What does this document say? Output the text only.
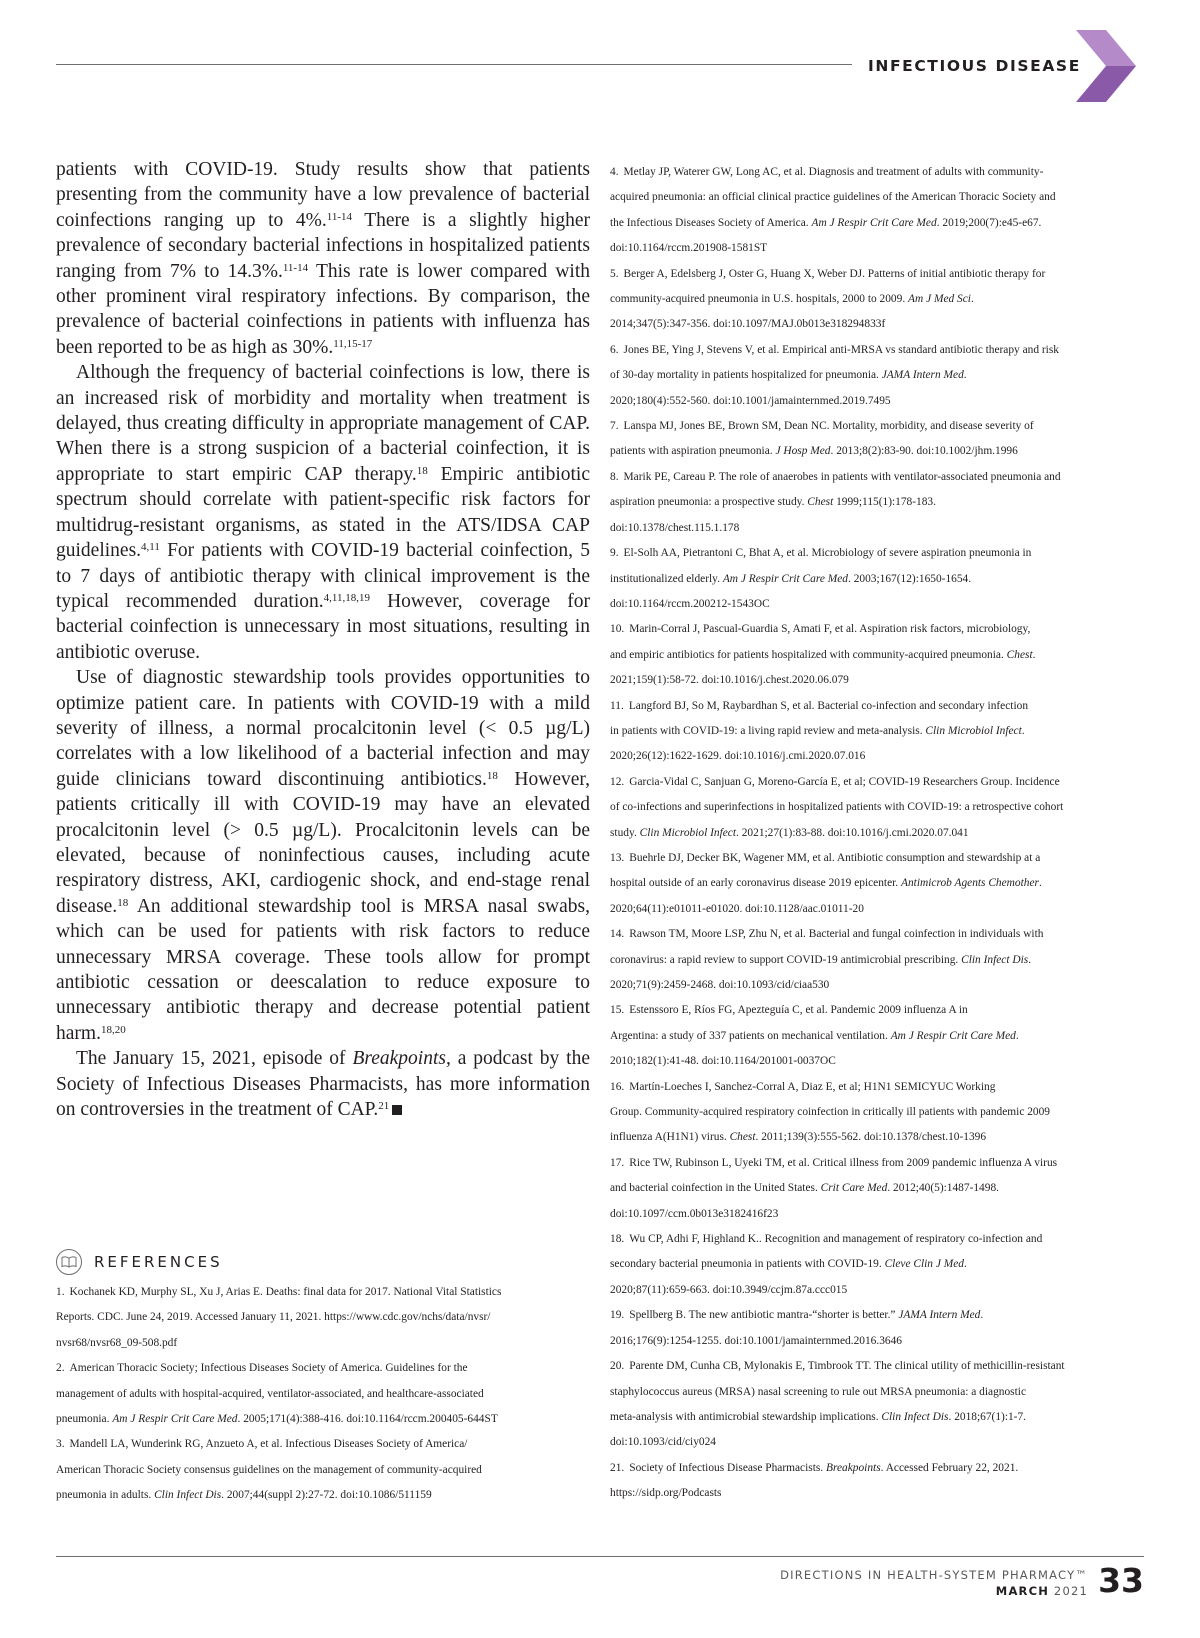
INFECTIOUS DISEASE

patients with COVID-19. Study results show that patients presenting from the community have a low prevalence of bacterial coinfections ranging up to 4%.$^{11-14}$ There is a slightly higher prevalence of secondary bacterial infections in hospitalized patients ranging from 7% to 14.3%.$^{11-14}$ This rate is lower compared with other prominent viral respiratory infections. By comparison, the prevalence of bacterial coinfections in patients with influenza has been reported to be as high as 30%.$^{11,15-17}$

Although the frequency of bacterial coinfections is low, there is an increased risk of morbidity and mortality when treatment is delayed, thus creating difficulty in appropriate management of CAP. When there is a strong suspicion of a bacterial coinfection, it is appropriate to start empiric CAP therapy.$^{18}$ Empiric antibiotic spectrum should correlate with patient-specific risk factors for multidrug-resistant organisms, as stated in the ATS/IDSA CAP guidelines.$^{4,11}$ For patients with COVID-19 bacterial coinfection, 5 to 7 days of antibiotic therapy with clinical improvement is the typical recommended duration.$^{4,11,18,19}$ However, coverage for bacterial coinfection is unnecessary in most situations, resulting in antibiotic overuse.

Use of diagnostic stewardship tools provides opportunities to optimize patient care. In patients with COVID-19 with a mild severity of illness, a normal procalcitonin level (< 0.5 µg/L) correlates with a low likelihood of a bacterial infection and may guide clinicians toward discontinuing antibiotics.$^{18}$ However, patients critically ill with COVID-19 may have an elevated procalcitonin level (> 0.5 µg/L). Procalcitonin levels can be elevated, because of noninfectious causes, including acute respiratory distress, AKI, cardiogenic shock, and end-stage renal disease.$^{18}$ An additional stewardship tool is MRSA nasal swabs, which can be used for patients with risk factors to reduce unnecessary MRSA coverage. These tools allow for prompt antibiotic cessation or deescalation to reduce exposure to unnecessary antibiotic therapy and decrease potential patient harm.$^{18,20}$

The January 15, 2021, episode of Breakpoints, a podcast by the Society of Infectious Diseases Pharmacists, has more information on controversies in the treatment of CAP.$^{21}$

REFERENCES

1. Kochanek KD, Murphy SL, Xu J, Arias E. Deaths: final data for 2017. National Vital Statistics

Reports. CDC. June 24, 2019. Accessed January 11, 2021. https://www.cdc.gov/nchs/data/nvsr/

nvsr68/nvsr68_09-508.pdf

2. American Thoracic Society; Infectious Diseases Society of America. Guidelines for the

management of adults with hospital-acquired, ventilator-associated, and healthcare-associated

pneumonia. Am J Respir Crit Care Med. 2005;171(4):388-416. doi:10.1164/rccm.200405-644ST

3. Mandell LA, Wunderink RG, Anzueto A, et al. Infectious Diseases Society of America/

American Thoracic Society consensus guidelines on the management of community-acquired

pneumonia in adults. Clin Infect Dis. 2007;44(suppl 2):27-72. doi:10.1086/511159

4. Metlay JP, Waterer GW, Long AC, et al. Diagnosis and treatment of adults with community-

acquired pneumonia: an official clinical practice guidelines of the American Thoracic Society and

the Infectious Diseases Society of America. Am J Respir Crit Care Med. 2019;200(7):e45-e67.

doi:10.1164/rccm.201908-1581ST

5. Berger A, Edelsberg J, Oster G, Huang X, Weber DJ. Patterns of initial antibiotic therapy for

community-acquired pneumonia in U.S. hospitals, 2000 to 2009. Am J Med Sci.

2014;347(5):347-356. doi:10.1097/MAJ.0b013e318294833f

6. Jones BE, Ying J, Stevens V, et al. Empirical anti-MRSA vs standard antibiotic therapy and risk

of 30-day mortality in patients hospitalized for pneumonia. JAMA Intern Med.

2020;180(4):552-560. doi:10.1001/jamainternmed.2019.7495

7. Lanspa MJ, Jones BE, Brown SM, Dean NC. Mortality, morbidity, and disease severity of

patients with aspiration pneumonia. J Hosp Med. 2013;8(2):83-90. doi:10.1002/jhm.1996

8. Marik PE, Careau P. The role of anaerobes in patients with ventilator-associated pneumonia and

aspiration pneumonia: a prospective study. Chest 1999;115(1):178-183.

doi:10.1378/chest.115.1.178

9. El-Solh AA, Pietrantoni C, Bhat A, et al. Microbiology of severe aspiration pneumonia in

institutionalized elderly. Am J Respir Crit Care Med. 2003;167(12):1650-1654.

doi:10.1164/rccm.200212-1543OC

10. Marin-Corral J, Pascual-Guardia S, Amati F, et al. Aspiration risk factors, microbiology,

and empiric antibiotics for patients hospitalized with community-acquired pneumonia. Chest.

2021;159(1):58-72. doi:10.1016/j.chest.2020.06.079

11. Langford BJ, So M, Raybardhan S, et al. Bacterial co-infection and secondary infection

in patients with COVID-19: a living rapid review and meta-analysis. Clin Microbiol Infect.

2020;26(12):1622-1629. doi:10.1016/j.cmi.2020.07.016

12. Garcia-Vidal C, Sanjuan G, Moreno-García E, et al; COVID-19 Researchers Group. Incidence

of co-infections and superinfections in hospitalized patients with COVID-19: a retrospective cohort

study. Clin Microbiol Infect. 2021;27(1):83-88. doi:10.1016/j.cmi.2020.07.041

13. Buehrle DJ, Decker BK, Wagener MM, et al. Antibiotic consumption and stewardship at a

hospital outside of an early coronavirus disease 2019 epicenter. Antimicrob Agents Chemother.

2020;64(11):e01011-e01020. doi:10.1128/aac.01011-20

14. Rawson TM, Moore LSP, Zhu N, et al. Bacterial and fungal coinfection in individuals with

coronavirus: a rapid review to support COVID-19 antimicrobial prescribing. Clin Infect Dis.

2020;71(9):2459-2468. doi:10.1093/cid/ciaa530

15. Estenssoro E, Ríos FG, Apezteguía C, et al. Pandemic 2009 influenza A in

Argentina: a study of 337 patients on mechanical ventilation. Am J Respir Crit Care Med.

2010;182(1):41-48. doi:10.1164/201001-0037OC

16. Martín-Loeches I, Sanchez-Corral A, Diaz E, et al; H1N1 SEMICYUC Working

Group. Community-acquired respiratory coinfection in critically ill patients with pandemic 2009

influenza A(H1N1) virus. Chest. 2011;139(3):555-562. doi:10.1378/chest.10-1396

17. Rice TW, Rubinson L, Uyeki TM, et al. Critical illness from 2009 pandemic influenza A virus

and bacterial coinfection in the United States. Crit Care Med. 2012;40(5):1487-1498.

doi:10.1097/ccm.0b013e3182416f23

18. Wu CP, Adhi F, Highland K.. Recognition and management of respiratory co-infection and

secondary bacterial pneumonia in patients with COVID-19. Cleve Clin J Med.

2020;87(11):659-663. doi:10.3949/ccjm.87a.ccc015

19. Spellberg B. The new antibiotic mantra-“shorter is better.” JAMA Intern Med.

2016;176(9):1254-1255. doi:10.1001/jamainternmed.2016.3646

20. Parente DM, Cunha CB, Mylonakis E, Timbrook TT. The clinical utility of methicillin-resistant

staphylococcus aureus (MRSA) nasal screening to rule out MRSA pneumonia: a diagnostic

meta-analysis with antimicrobial stewardship implications. Clin Infect Dis. 2018;67(1):1-7.

doi:10.1093/cid/ciy024

21. Society of Infectious Disease Pharmacists. Breakpoints. Accessed February 22, 2021.

https://sidp.org/Podcasts

DIRECTIONS IN HEALTH-SYSTEM PHARMACY™
MARCH 2021 33
